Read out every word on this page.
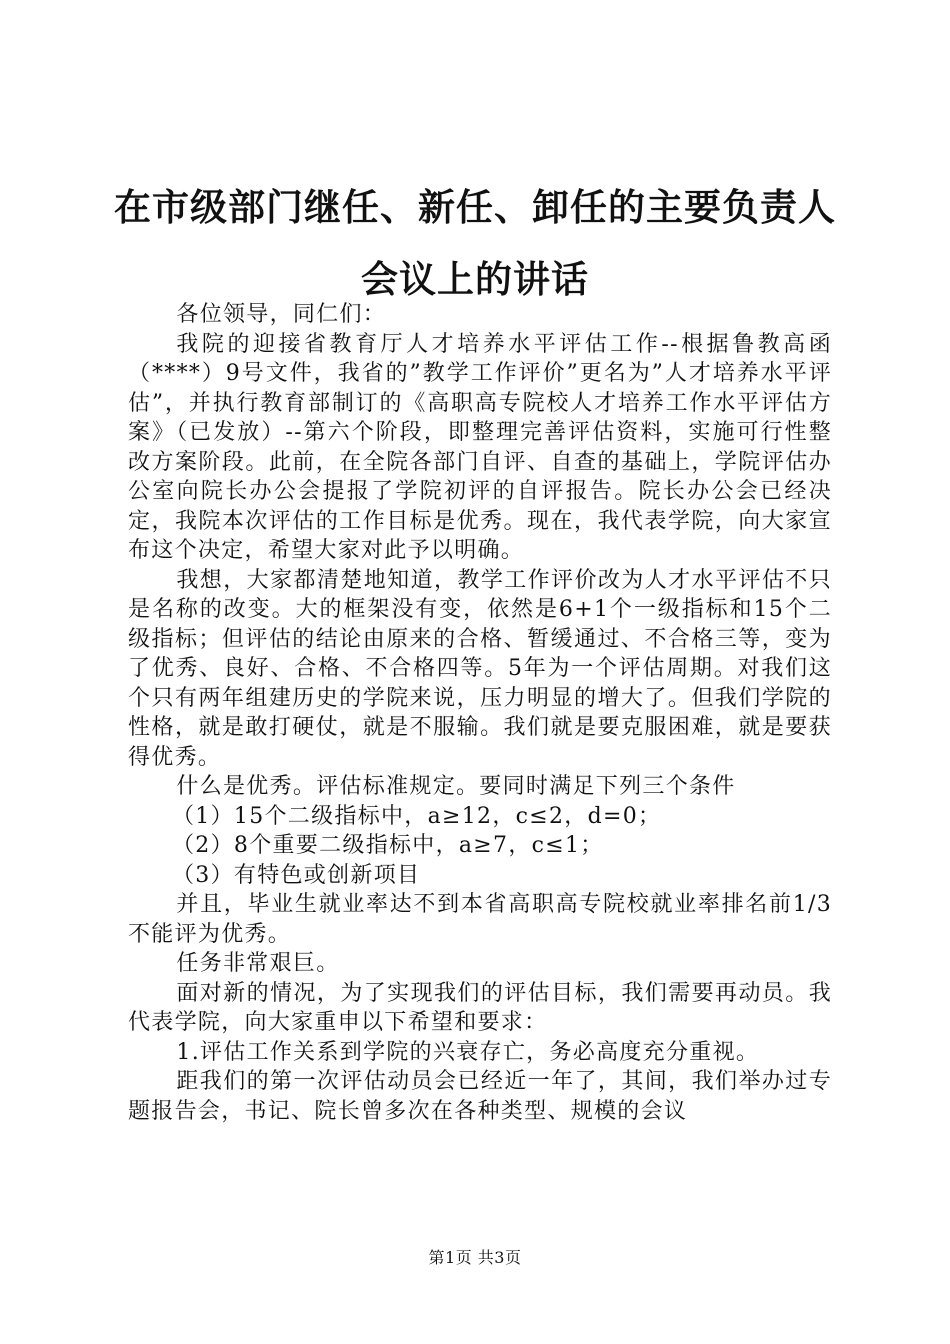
在市级部门继任、新任、卸任的主要负责人会议上的讲话

各位领导，同仁们：

我院的迎接省教育厅人才培养水平评估工作--根据鲁教高函（****）9号文件，我省的”教学工作评价”更名为”人才培养水平评估”，并执行教育部制订的《高职高专院校人才培养工作水平评估方案》（已发放）--第六个阶段，即整理完善评估资料，实施可行性整改方案阶段。此前，在全院各部门自评、自查的基础上，学院评估办公室向院长办公会提报了学院初评的自评报告。院长办公会已经决定，我院本次评估的工作目标是优秀。现在，我代表学院，向大家宣布这个决定，希望大家对此予以明确。

我想，大家都清楚地知道，教学工作评价改为人才水平评估不只是名称的改变。大的框架没有变，依然是6+1个一级指标和15个二级指标；但评估的结论由原来的合格、暂缓通过、不合格三等，变为了优秀、良好、合格、不合格四等。5年为一个评估周期。对我们这个只有两年组建历史的学院来说，压力明显的增大了。但我们学院的性格，就是敢打硬仗，就是不服输。我们就是要克服困难，就是要获得优秀。

什么是优秀。评估标准规定。要同时满足下列三个条件

（1）15个二级指标中，a≥12，c≤2，d=0；

（2）8个重要二级指标中，a≥7，c≤1；

（3）有特色或创新项目

并且，毕业生就业率达不到本省高职高专院校就业率排名前1/3不能评为优秀。

任务非常艰巨。

面对新的情况，为了实现我们的评估目标，我们需要再动员。我代表学院，向大家重申以下希望和要求：

1.评估工作关系到学院的兴衰存亡，务必高度充分重视。

距我们的第一次评估动员会已经近一年了，其间，我们举办过专题报告会，书记、院长曾多次在各种类型、规模的会议

第1页 共3页
